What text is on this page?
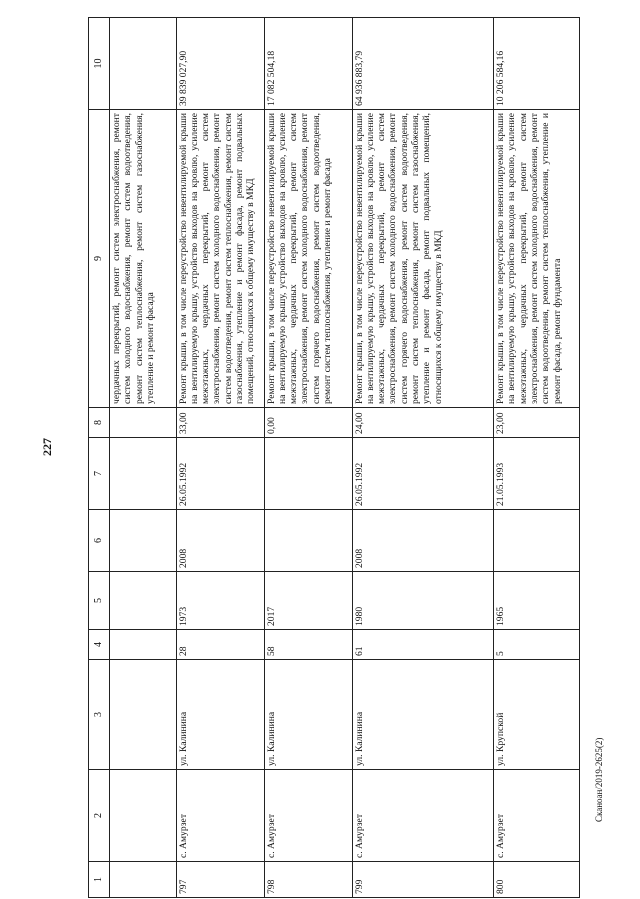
227
1	2	3	4	5	6	7	8	9	10
								чердачных перекрытий, ремонт систем электроснабжения, ремонт систем холодного водоснабжения, ремонт систем водоотведения, ремонт систем теплоснабжения, ремонт систем газоснабжения, утепление и ремонт фасада	
797	с. Амурзет	ул. Калинина	28	1973	2008	26.05.1992	33,00	Ремонт крыши, в том числе переустройство невентилируемой крыши на вентилируемую крышу, устройство выходов на кровлю, усиление межэтажных, чердачных перекрытий, ремонт систем электроснабжения, ремонт систем холодного водоснабжения, ремонт систем водоотведения, ремонт систем теплоснабжения, ремонт систем газоснабжения, утепление и ремонт фасада, ремонт подвальных помещений, относящихся к общему имуществу в МКД	39 839 027,90
798	с. Амурзет	ул. Калинина	58	2017			0,00	Ремонт крыши, в том числе переустройство невентилируемой крыши на вентилируемую крышу, устройство выходов на кровлю, усиление межэтажных, чердачных перекрытий, ремонт систем электроснабжения, ремонт систем холодного водоснабжения, ремонт систем горячего водоснабжения, ремонт систем водоотведения, ремонт систем теплоснабжения, утепление и ремонт фасада	17 082 504,18
799	с. Амурзет	ул. Калинина	61	1980	2008	26.05.1992	24,00	Ремонт крыши, в том числе переустройство невентилируемой крыши на вентилируемую крышу, устройство выходов на кровлю, усиление межэтажных, чердачных перекрытий, ремонт систем электроснабжения, ремонт систем холодного водоснабжения, ремонт систем горячего водоснабжения, ремонт систем водоотведения, ремонт систем теплоснабжения, ремонт систем газоснабжения, утепление и ремонт фасада, ремонт подвальных помещений, относящихся к общему имуществу в МКД	64 936 883,79
800	с. Амурзет	ул. Крупской	5	1965		21.05.1993	23,00	Ремонт крыши, в том числе переустройство невентилируемой крыши на вентилируемую крышу, устройство выходов на кровлю, усиление межэтажных, чердачных перекрытий, ремонт систем электроснабжения, ремонт систем холодного водоснабжения, ремонт систем водоотведения, ремонт систем теплоснабжения, утепление и ремонт фасада, ремонт фундамента	10 206 584,16
Сканоан/2019-2625(2)
